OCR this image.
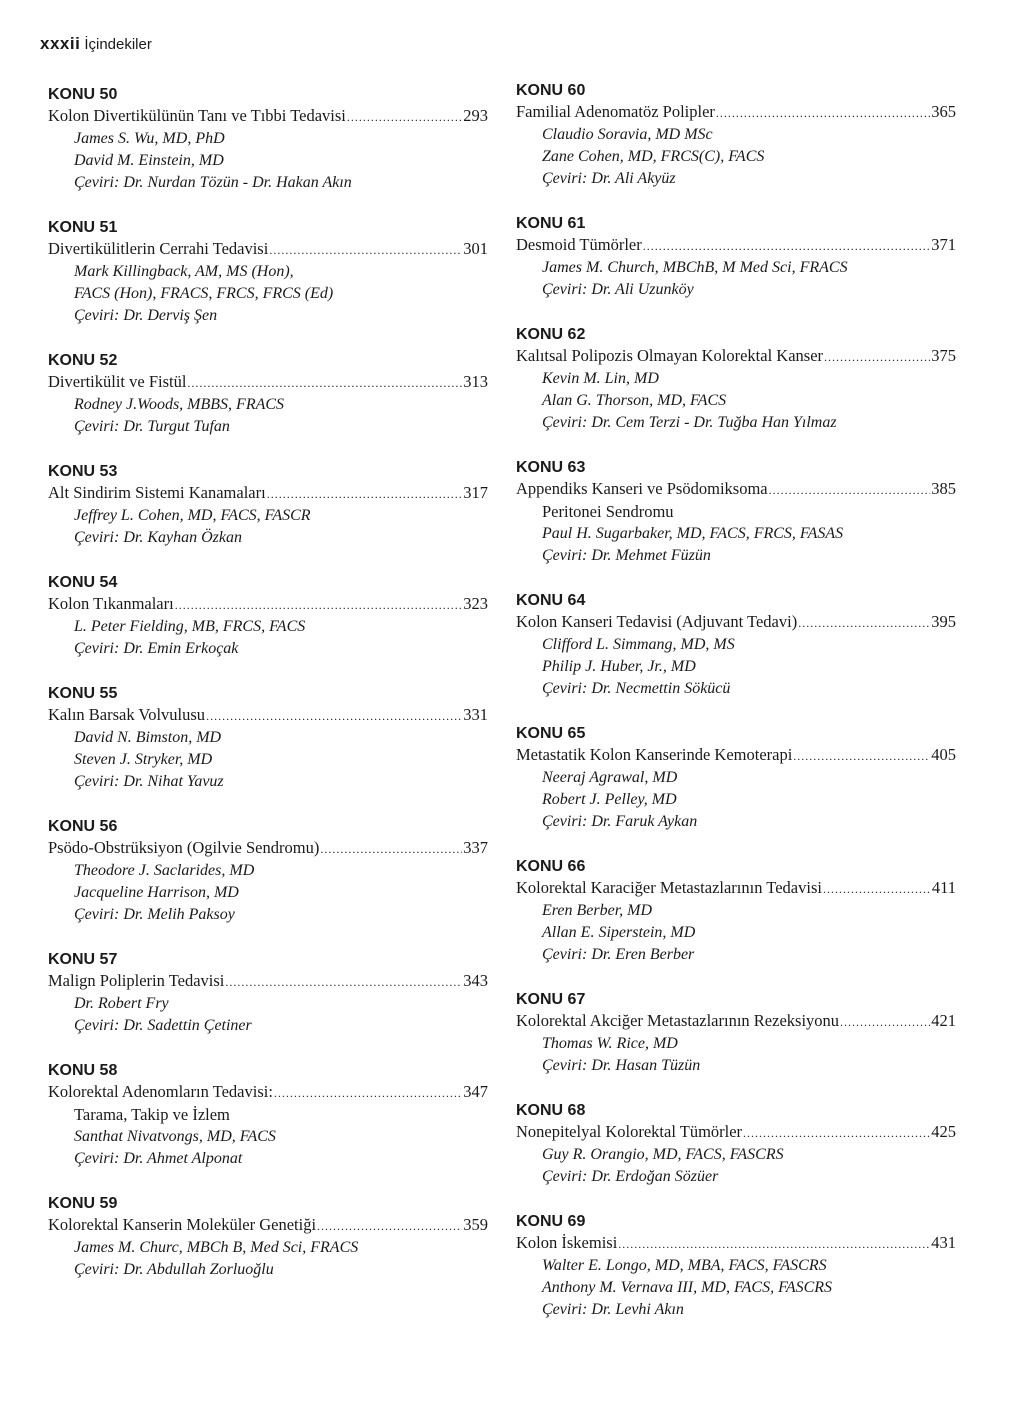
xxxii İçindekiler
KONU 50
Kolon Divertikülünün Tanı ve Tıbbi Tedavisi .....	293
James S. Wu, MD, PhD
David M. Einstein, MD
Çeviri: Dr. Nurdan Tözün - Dr. Hakan Akın
KONU 51
Divertikülitlerin Cerrahi Tedavisi .....	301
Mark Killingback, AM, MS (Hon),
FACS (Hon), FRACS, FRCS, FRCS (Ed)
Çeviri: Dr. Derviş Şen
KONU 52
Divertikülit ve Fistül .....	313
Rodney J.Woods, MBBS, FRACS
Çeviri: Dr. Turgut Tufan
KONU 53
Alt Sindirim Sistemi Kanamaları .....	317
Jeffrey L. Cohen, MD, FACS, FASCR
Çeviri: Dr. Kayhan Özkan
KONU 54
Kolon Tıkanmaları .....	323
L. Peter Fielding, MB, FRCS, FACS
Çeviri: Dr. Emin Erkoçak
KONU 55
Kalın Barsak Volvulusu .....	331
David N. Bimston, MD
Steven J. Stryker, MD
Çeviri: Dr. Nihat Yavuz
KONU 56
Psödo-Obstrüksiyon (Ogilvie Sendromu) .....	337
Theodore J. Saclarides, MD
Jacqueline Harrison, MD
Çeviri: Dr. Melih Paksoy
KONU 57
Malign Poliplerin Tedavisi .....	343
Dr. Robert Fry
Çeviri: Dr. Sadettin Çetiner
KONU 58
Kolorektal Adenomların Tedavisi: .....	347
Tarama, Takip ve İzlem
Santhat Nivatvongs, MD, FACS
Çeviri: Dr. Ahmet Alponat
KONU 59
Kolorektal Kanserin Moleküler Genetiği .....	359
James M. Churc, MBCh B, Med Sci, FRACS
Çeviri: Dr. Abdullah Zorluoğlu
KONU 60
Familial Adenomatöz Polipler .....	365
Claudio Soravia, MD MSc
Zane Cohen, MD, FRCS(C), FACS
Çeviri: Dr. Ali Akyüz
KONU 61
Desmoid Tümörler .....	371
James M. Church, MBChB, M Med Sci, FRACS
Çeviri: Dr. Ali Uzunköy
KONU 62
Kalıtsal Polipozis Olmayan Kolorektal Kanser .....	375
Kevin M. Lin, MD
Alan G. Thorson, MD, FACS
Çeviri: Dr. Cem Terzi - Dr. Tuğba Han Yılmaz
KONU 63
Appendiks Kanseri ve Psödomiksoma .....	385
Peritonei Sendromu
Paul H. Sugarbaker, MD, FACS, FRCS, FASAS
Çeviri: Dr. Mehmet Füzün
KONU 64
Kolon Kanseri Tedavisi (Adjuvant Tedavi) .....	395
Clifford L. Simmang, MD, MS
Philip J. Huber, Jr., MD
Çeviri: Dr. Necmettin Sökücü
KONU 65
Metastatik Kolon Kanserinde Kemoterapi .....	405
Neeraj Agrawal, MD
Robert J. Pelley, MD
Çeviri: Dr. Faruk Aykan
KONU 66
Kolorektal Karaciğer Metastazlarının Tedavisi .....	411
Eren Berber, MD
Allan E. Siperstein, MD
Çeviri: Dr. Eren Berber
KONU 67
Kolorektal Akciğer Metastazlarının Rezeksiyonu .....	421
Thomas W. Rice, MD
Çeviri: Dr. Hasan Tüzün
KONU 68
Nonepitelyal Kolorektal Tümörler .....	425
Guy R. Orangio, MD, FACS, FASCRS
Çeviri: Dr. Erdoğan Sözüer
KONU 69
Kolon İskemisi .....	431
Walter E. Longo, MD, MBA, FACS, FASCRS
Anthony M. Vernava III, MD, FACS, FASCRS
Çeviri: Dr. Levhi Akın
